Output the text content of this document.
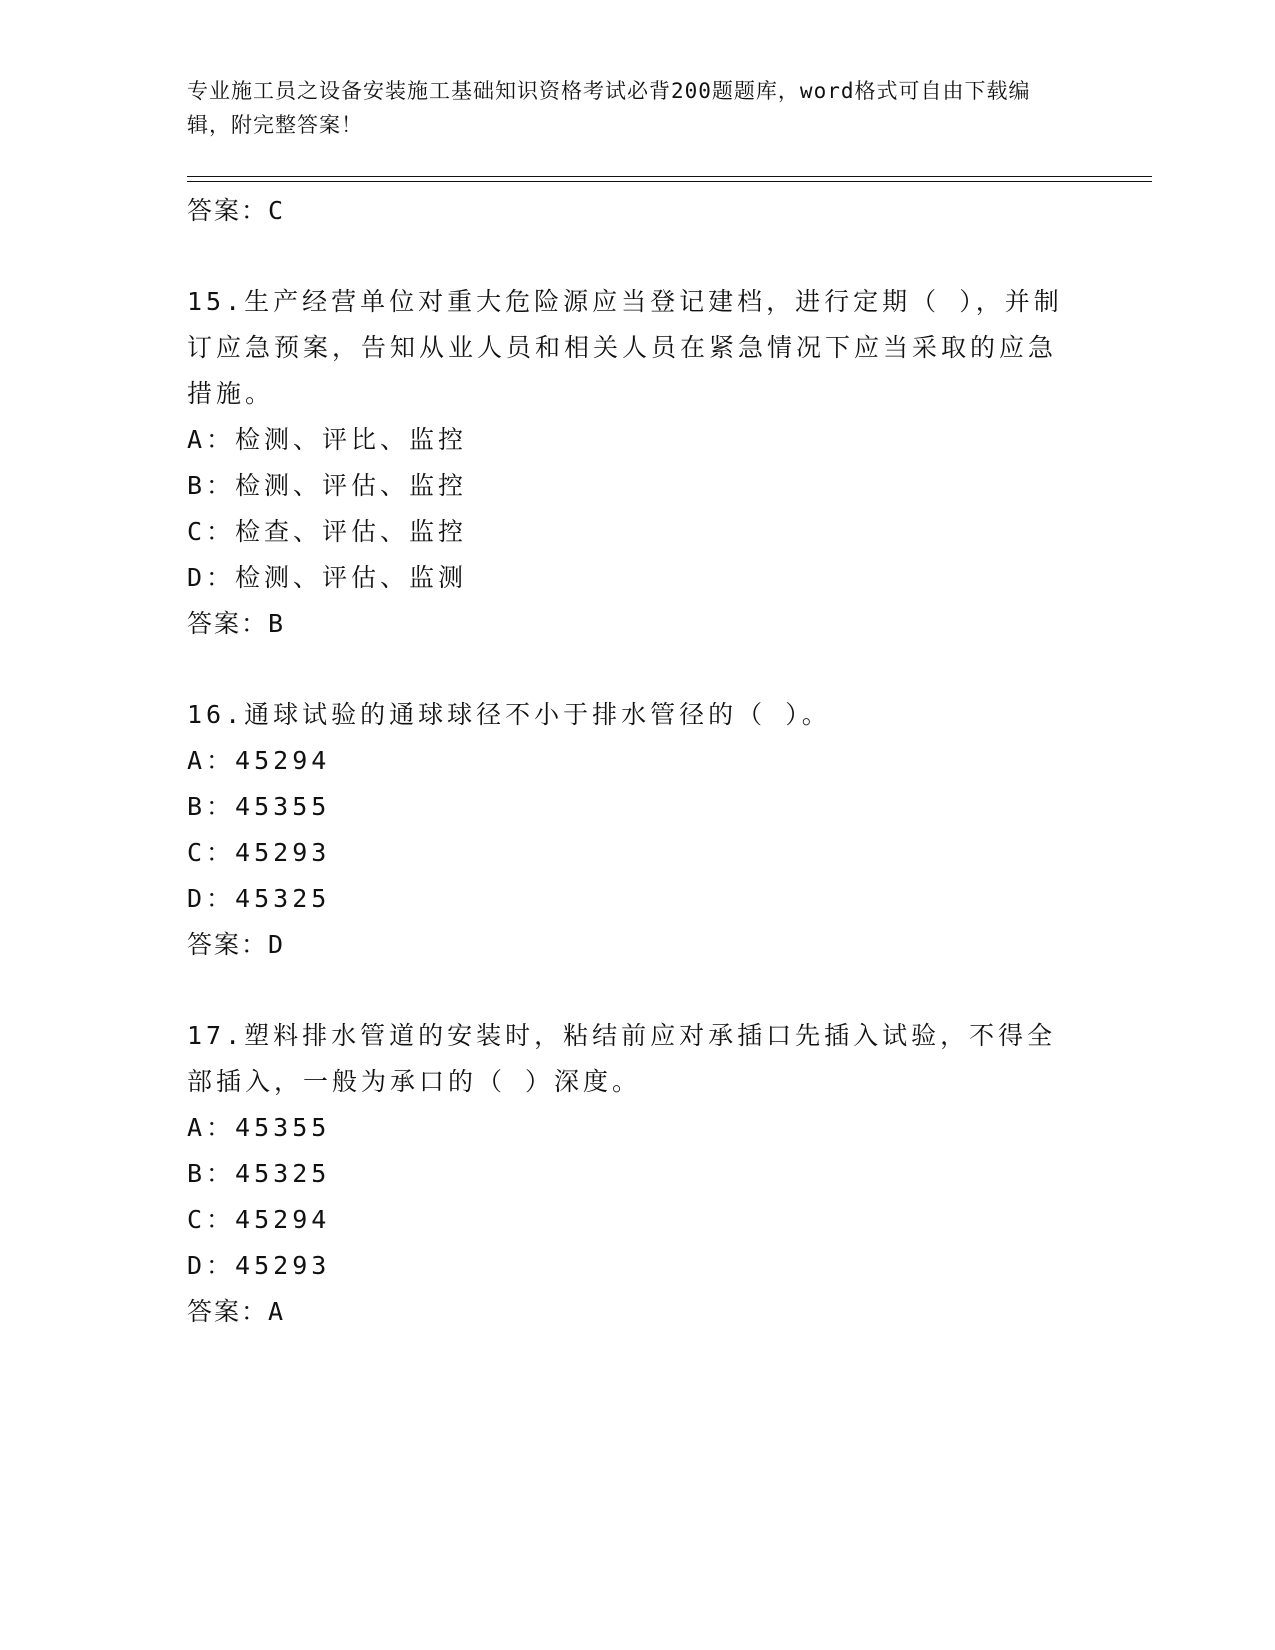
专业施工员之设备安装施工基础知识资格考试必背200题题库，word格式可自由下载编辑，附完整答案！
答案：C
15.生产经营单位对重大危险源应当登记建档，进行定期（ ），并制订应急预案，告知从业人员和相关人员在紧急情况下应当采取的应急措施。
A：检测、评比、监控
B：检测、评估、监控
C：检查、评估、监控
D：检测、评估、监测
答案：B
16.通球试验的通球球径不小于排水管径的（ ）。
A：45294
B：45355
C：45293
D：45325
答案：D
17.塑料排水管道的安装时，粘结前应对承插口先插入试验，不得全部插入，一般为承口的（ ）深度。
A：45355
B：45325
C：45294
D：45293
答案：A
